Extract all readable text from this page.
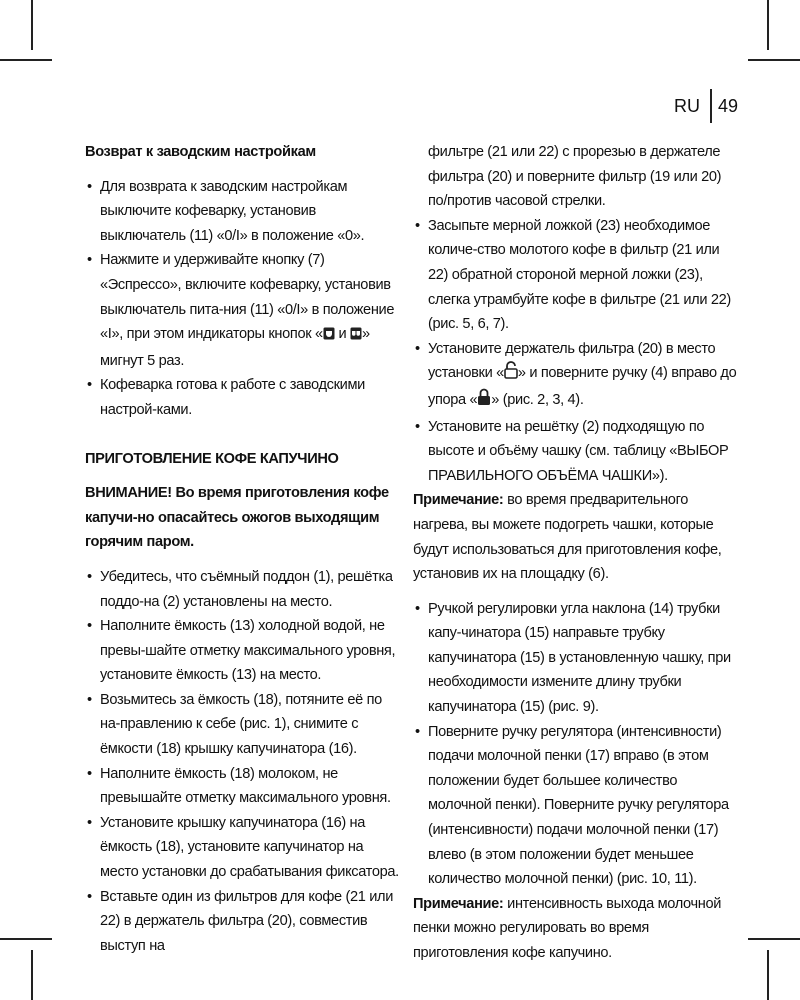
RU	49

Возврат к заводским настройкам

• Для возврата к заводским настройкам выключите кофеварку, установив выключатель (11) «0/I» в положение «0».
• Нажмите и удерживайте кнопку (7) «Эспрессо», включите кофеварку, установив выключатель пита-ния (11) «0/I» в положение «I», при этом индикаторы кнопок « и » мигнут 5 раз.
• Кофеварка готова к работе с заводскими настрой-ками.

ПРИГОТОВЛЕНИЕ КОФЕ КАПУЧИНО

ВНИМАНИЕ! Во время приготовления кофе капучи-но опасайтесь ожогов выходящим горячим паром.

• Убедитесь, что съёмный поддон (1), решётка поддо-на (2) установлены на место.
• Наполните ёмкость (13) холодной водой, не превы-шайте отметку максимального уровня, установите ёмкость (13) на место.
• Возьмитесь за ёмкость (18), потяните её по на-правлению к себе (рис. 1), снимите с ёмкости (18) крышку капучинатора (16).
• Наполните ёмкость (18) молоком, не превышайте отметку максимального уровня.
• Установите крышку капучинатора (16) на ёмкость (18), установите капучинатор на место установки до срабатывания фиксатора.
• Вставьте один из фильтров для кофе (21 или 22) в держатель фильтра (20), совместив выступ на

фильтре (21 или 22) с прорезью в держателе фильтра (20) и поверните фильтр (19 или 20) по/против часовой стрелки.

• Засыпьте мерной ложкой (23) необходимое количе-ство молотого кофе в фильтр (21 или 22) обратной стороной мерной ложки (23), слегка утрамбуйте кофе в фильтре (21 или 22) (рис. 5, 6, 7).
• Установите держатель фильтра (20) в место установки « » и поверните ручку (4) вправо до упора « » (рис. 2, 3, 4).
• Установите на решётку (2) подходящую по высоте и объёму чашку (см. таблицу «ВЫБОР ПРАВИЛЬНОГО ОБЪЁМА ЧАШКИ»).

Примечание: во время предварительного нагрева, вы можете подогреть чашки, которые будут использоваться для приготовления кофе, установив их на площадку (6).

• Ручкой регулировки угла наклона (14) трубки капу-чинатора (15) направьте трубку капучинатора (15) в установленную чашку, при необходимости измените длину трубки капучинатора (15) (рис. 9).
• Поверните ручку регулятора (интенсивности) подачи молочной пенки (17) вправо (в этом положении будет большее количество молочной пенки). Поверните ручку регулятора (интенсивности) подачи молочной пенки (17) влево (в этом положении будет меньшее количество молочной пенки) (рис. 10, 11).

Примечание: интенсивность выхода молочной пенки можно регулировать во время приготовления кофе капучино.
